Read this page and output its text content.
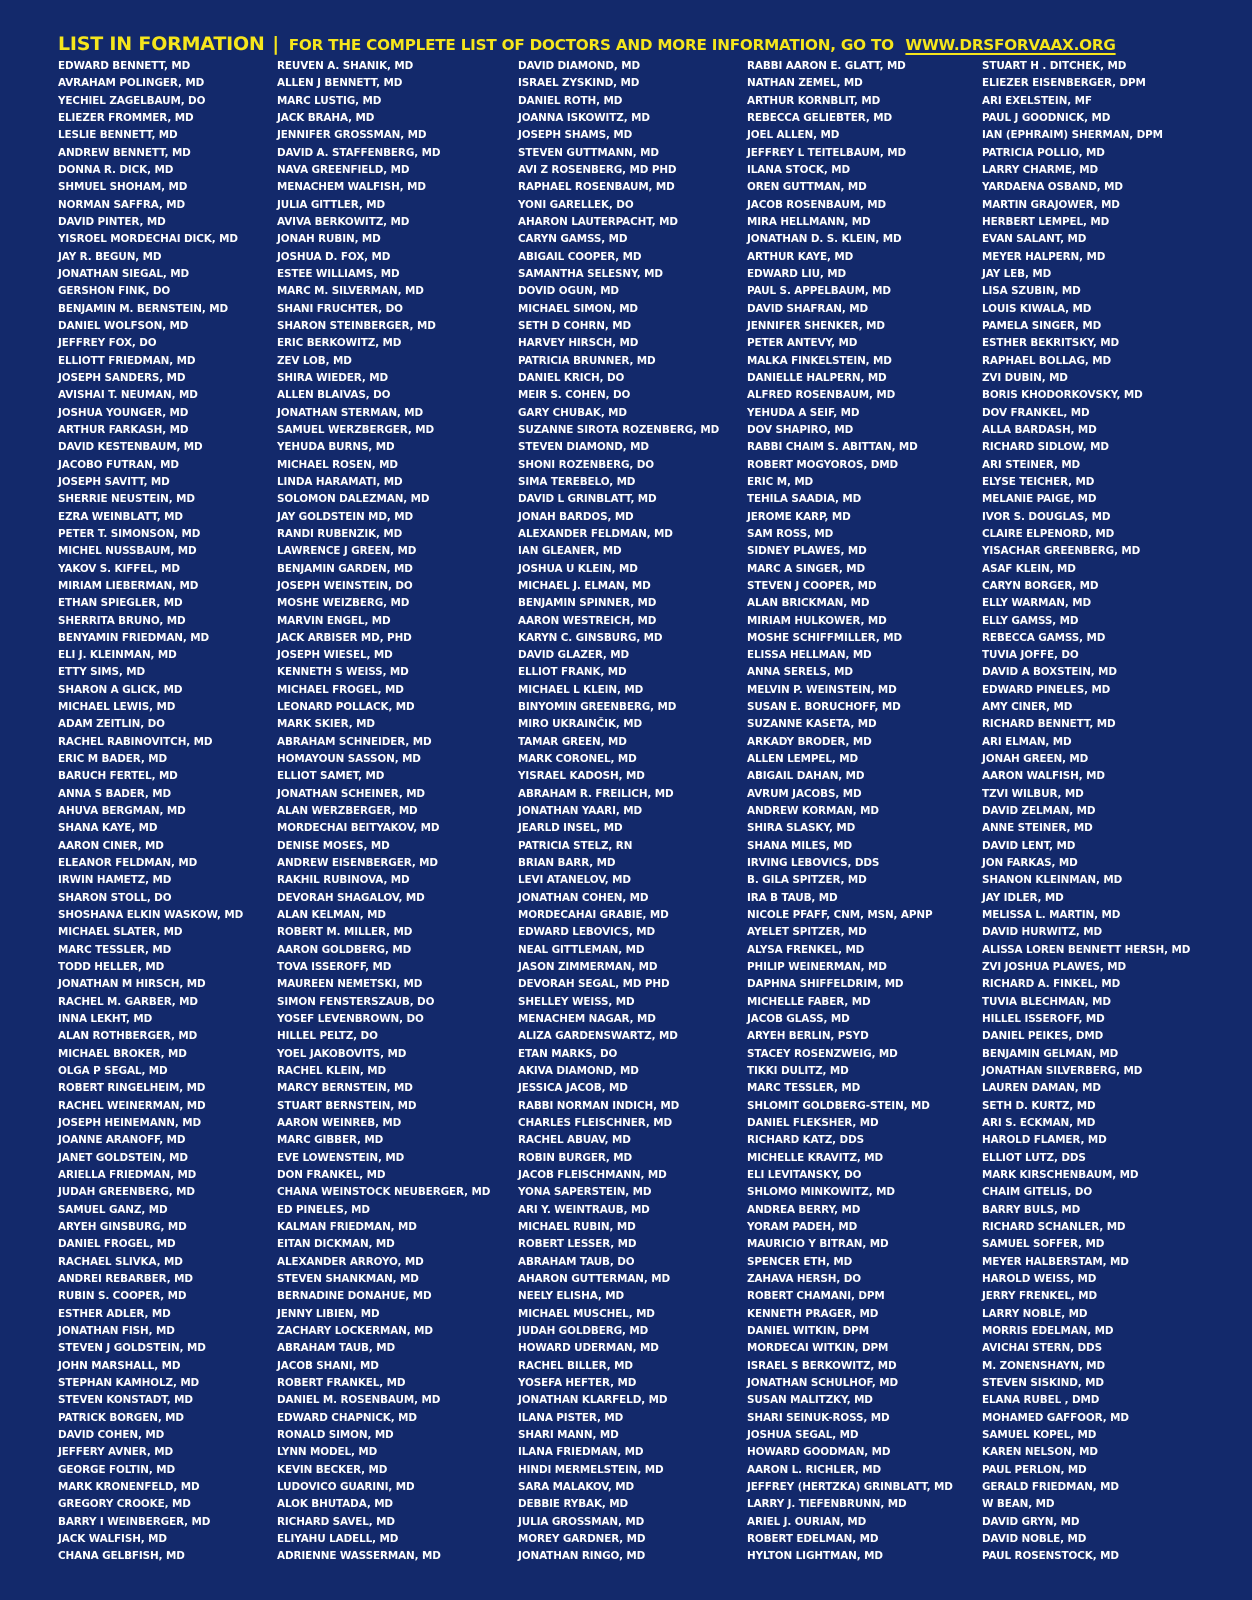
LIST IN FORMATION | FOR THE COMPLETE LIST OF DOCTORS AND MORE INFORMATION, GO TO WWW.DRSFORVAAX.ORG
EDWARD BENNETT, MD
AVRAHAM POLINGER, MD
YECHIEL ZAGELBAUM, DO
ELIEZER FROMMER, MD
LESLIE BENNETT, MD
ANDREW BENNETT, MD
DONNA R. DICK, MD
SHMUEL SHOHAM, MD
NORMAN SAFFRA, MD
DAVID PINTER, MD
YISROEL MORDECHAI DICK, MD
JAY R. BEGUN, MD
JONATHAN SIEGAL, MD
GERSHON FINK, DO
BENJAMIN M. BERNSTEIN, MD
DANIEL WOLFSON, MD
JEFFREY FOX, DO
ELLIOTT FRIEDMAN, MD
JOSEPH SANDERS, MD
AVISHAI T. NEUMAN, MD
JOSHUA YOUNGER, MD
ARTHUR FARKASH, MD
DAVID KESTENBAUM, MD
JACOBO FUTRAN, MD
JOSEPH SAVITT, MD
SHERRIE NEUSTEIN, MD
EZRA WEINBLATT, MD
PETER T. SIMONSON, MD
MICHEL NUSSBAUM, MD
YAKOV S. KIFFEL, MD
MIRIAM LIEBERMAN, MD
ETHAN SPIEGLER, MD
SHERRITA BRUNO, MD
BENYAMIN FRIEDMAN, MD
ELI J. KLEINMAN, MD
ETTY SIMS, MD
SHARON A GLICK, MD
MICHAEL LEWIS, MD
ADAM ZEITLIN, DO
RACHEL RABINOVITCH, MD
ERIC M BADER, MD
BARUCH FERTEL, MD
ANNA S BADER, MD
AHUVA BERGMAN, MD
SHANA KAYE, MD
AARON CINER, MD
ELEANOR FELDMAN, MD
IRWIN HAMETZ, MD
SHARON STOLL, DO
SHOSHANA ELKIN WASKOW, MD
MICHAEL SLATER, MD
MARC TESSLER, MD
TODD HELLER, MD
JONATHAN M HIRSCH, MD
RACHEL M. GARBER, MD
INNA LEKHT, MD
ALAN ROTHBERGER, MD
MICHAEL BROKER, MD
OLGA P SEGAL, MD
ROBERT RINGELHEIM, MD
RACHEL WEINERMAN, MD
JOSEPH HEINEMANN, MD
JOANNE ARANOFF, MD
JANET GOLDSTEIN, MD
ARIELLA FRIEDMAN, MD
JUDAH GREENBERG, MD
SAMUEL GANZ, MD
ARYEH GINSBURG, MD
DANIEL FROGEL, MD
RACHAEL SLIVKA, MD
ANDREI REBARBER, MD
RUBIN S. COOPER, MD
ESTHER ADLER, MD
JONATHAN FISH, MD
STEVEN J GOLDSTEIN, MD
JOHN MARSHALL, MD
STEPHAN KAMHOLZ, MD
STEVEN KONSTADT, MD
PATRICK BORGEN, MD
DAVID COHEN, MD
JEFFERY AVNER, MD
GEORGE FOLTIN, MD
MARK KRONENFELD, MD
GREGORY CROOKE, MD
BARRY I WEINBERGER, MD
JACK WALFISH, MD
CHANA GELBFISH, MD
REUVEN A. SHANIK, MD
ALLEN J BENNETT, MD
MARC LUSTIG, MD
JACK BRAHA, MD
JENNIFER GROSSMAN, MD
DAVID A. STAFFENBERG, MD
NAVA GREENFIELD, MD
MENACHEM WALFISH, MD
JULIA GITTLER, MD
AVIVA BERKOWITZ, MD
JONAH RUBIN, MD
JOSHUA D. FOX, MD
ESTEE WILLIAMS, MD
MARC M. SILVERMAN, MD
SHANI FRUCHTER, DO
SHARON STEINBERGER, MD
ERIC BERKOWITZ, MD
ZEV LOB, MD
SHIRA WIEDER, MD
ALLEN BLAIVAS, DO
JONATHAN STERMAN, MD
SAMUEL WERZBERGER, MD
YEHUDA BURNS, MD
MICHAEL ROSEN, MD
LINDA HARAMATI, MD
SOLOMON DALEZMAN, MD
JAY GOLDSTEIN MD, MD
RANDI RUBENZIK, MD
LAWRENCE J GREEN, MD
BENJAMIN GARDEN, MD
JOSEPH WEINSTEIN, DO
MOSHE WEIZBERG, MD
MARVIN ENGEL, MD
JACK ARBISER MD, PHD
JOSEPH WIESEL, MD
KENNETH S WEISS, MD
MICHAEL FROGEL, MD
LEONARD POLLACK, MD
MARK SKIER, MD
ABRAHAM SCHNEIDER, MD
HOMAYOUN SASSON, MD
ELLIOT SAMET, MD
JONATHAN SCHEINER, MD
ALAN WERZBERGER, MD
MORDECHAI BEITYAKOV, MD
DENISE MOSES, MD
ANDREW EISENBERGER, MD
RAKHIL RUBINOVA, MD
DEVORAH SHAGALOV, MD
ALAN KELMAN, MD
ROBERT M. MILLER, MD
AARON GOLDBERG, MD
TOVA ISSEROFF, MD
MAUREEN NEMETSKI, MD
SIMON FENSTERSZAUB, DO
YOSEF LEVENBROWN, DO
HILLEL PELTZ, DO
YOEL JAKOBOVITS, MD
RACHEL KLEIN, MD
MARCY BERNSTEIN, MD
STUART BERNSTEIN, MD
AARON WEINREB, MD
MARC GIBBER, MD
EVE LOWENSTEIN, MD
DON FRANKEL, MD
CHANA WEINSTOCK NEUBERGER, MD
ED PINELES, MD
KALMAN FRIEDMAN, MD
EITAN DICKMAN, MD
ALEXANDER ARROYO, MD
STEVEN SHANKMAN, MD
BERNADINE DONAHUE, MD
JENNY LIBIEN, MD
ZACHARY LOCKERMAN, MD
ABRAHAM TAUB, MD
JACOB SHANI, MD
ROBERT FRANKEL, MD
DANIEL M. ROSENBAUM, MD
EDWARD CHAPNICK, MD
RONALD SIMON, MD
LYNN MODEL, MD
KEVIN BECKER, MD
LUDOVICO GUARINI, MD
ALOK BHUTADA, MD
RICHARD SAVEL, MD
ELIYAHU LADELL, MD
ADRIENNE WASSERMAN, MD
DAVID DIAMOND, MD
ISRAEL ZYSKIND, MD
DANIEL ROTH, MD
JOANNA ISKOWITZ, MD
JOSEPH SHAMS, MD
STEVEN GUTTMANN, MD
AVI Z ROSENBERG, MD PHD
RAPHAEL ROSENBAUM, MD
YONI GARELLEK, DO
AHARON LAUTERPACHT, MD
CARYN GAMSS, MD
ABIGAIL COOPER, MD
SAMANTHA SELESNY, MD
DOVID OGUN, MD
MICHAEL SIMON, MD
SETH D COHRN, MD
HARVEY HIRSCH, MD
PATRICIA BRUNNER, MD
DANIEL KRICH, DO
MEIR S. COHEN, DO
GARY CHUBAK, MD
SUZANNE SIROTA ROZENBERG, MD
STEVEN DIAMOND, MD
SHONI ROZENBERG, DO
SIMA TEREBELO, MD
DAVID L GRINBLATT, MD
JONAH BARDOS, MD
ALEXANDER FELDMAN, MD
IAN GLEANER, MD
JOSHUA U KLEIN, MD
MICHAEL J. ELMAN, MD
BENJAMIN SPINNER, MD
AARON WESTREICH, MD
KARYN C. GINSBURG, MD
DAVID GLAZER, MD
ELLIOT FRANK, MD
MICHAEL L KLEIN, MD
BINYOMIN GREENBERG, MD
MIRO UKRAINČIK, MD
TAMAR GREEN, MD
MARK CORONEL, MD
YISRAEL KADOSH, MD
ABRAHAM R. FREILICH, MD
JONATHAN YAARI, MD
JEARLD INSEL, MD
PATRICIA STELZ, RN
BRIAN BARR, MD
LEVI ATANELOV, MD
JONATHAN COHEN, MD
MORDECAHAI GRABIE, MD
EDWARD LEBOVICS, MD
NEAL GITTLEMAN, MD
JASON ZIMMERMAN, MD
DEVORAH SEGAL, MD PHD
SHELLEY WEISS, MD
MENACHEM NAGAR, MD
ALIZA GARDENSWARTZ, MD
ETAN MARKS, DO
AKIVA DIAMOND, MD
JESSICA JACOB, MD
RABBI NORMAN INDICH, MD
CHARLES FLEISCHNER, MD
RACHEL ABUAV, MD
ROBIN BURGER, MD
JACOB FLEISCHMANN, MD
YONA SAPERSTEIN, MD
ARI Y. WEINTRAUB, MD
MICHAEL RUBIN, MD
ROBERT LESSER, MD
ABRAHAM TAUB, DO
AHARON GUTTERMAN, MD
NEELY ELISHA, MD
MICHAEL MUSCHEL, MD
JUDAH GOLDBERG, MD
HOWARD UDERMAN, MD
RACHEL BILLER, MD
YOSEFA HEFTER, MD
JONATHAN KLARFELD, MD
ILANA PISTER, MD
SHARI MANN, MD
ILANA FRIEDMAN, MD
HINDI MERMELSTEIN, MD
SARA MALAKOV, MD
DEBBIE RYBAK, MD
JULIA GROSSMAN, MD
MOREY GARDNER, MD
JONATHAN RINGO, MD
RABBI AARON E. GLATT, MD
NATHAN ZEMEL, MD
ARTHUR KORNBLIT, MD
REBECCA GELIEBTER, MD
JOEL ALLEN, MD
JEFFREY L TEITELBAUM, MD
ILANA STOCK, MD
OREN GUTTMAN, MD
JACOB ROSENBAUM, MD
MIRA HELLMANN, MD
JONATHAN D. S. KLEIN, MD
ARTHUR KAYE, MD
EDWARD LIU, MD
PAUL S. APPELBAUM, MD
DAVID SHAFRAN, MD
JENNIFER SHENKER, MD
PETER ANTEVY, MD
MALKA FINKELSTEIN, MD
DANIELLE HALPERN, MD
ALFRED ROSENBAUM, MD
YEHUDA A SEIF, MD
DOV SHAPIRO, MD
RABBI CHAIM S. ABITTAN, MD
ROBERT MOGYOROS, DMD
ERIC M, MD
TEHILA SAADIA, MD
JEROME KARP, MD
SAM ROSS, MD
SIDNEY PLAWES, MD
MARC A SINGER, MD
STEVEN J COOPER, MD
ALAN BRICKMAN, MD
MIRIAM HULKOWER, MD
MOSHE SCHIFFMILLER, MD
ELISSA HELLMAN, MD
ANNA SERELS, MD
MELVIN P. WEINSTEIN, MD
SUSAN E. BORUCHOFF, MD
SUZANNE KASETA, MD
ARKADY BRODER, MD
ALLEN LEMPEL, MD
ABIGAIL DAHAN, MD
AVRUM JACOBS, MD
ANDREW KORMAN, MD
SHIRA SLASKY, MD
SHANA MILES, MD
IRVING LEBOVICS, DDS
B. GILA SPITZER, MD
IRA B TAUB, MD
NICOLE PFAFF, CNM, MSN, APNP
AYELET SPITZER, MD
ALYSA FRENKEL, MD
PHILIP WEINERMAN, MD
DAPHNA SHIFFELDRIM, MD
MICHELLE FABER, MD
JACOB GLASS, MD
ARYEH BERLIN, PSYD
STACEY ROSENZWEIG, MD
TIKKI DULITZ, MD
MARC TESSLER, MD
SHLOMIT GOLDBERG-STEIN, MD
DANIEL FLEKSHER, MD
RICHARD KATZ, DDS
MICHELLE KRAVITZ, MD
ELI LEVITANSKY, DO
SHLOMO MINKOWITZ, MD
ANDREA BERRY, MD
YORAM PADEH, MD
MAURICIO Y BITRAN, MD
SPENCER ETH, MD
ZAHAVA HERSH, DO
ROBERT CHAMANI, DPM
KENNETH PRAGER, MD
DANIEL WITKIN, DPM
MORDECAI WITKIN, DPM
ISRAEL S BERKOWITZ, MD
JONATHAN SCHULHOF, MD
SUSAN MALITZKY, MD
SHARI SEINUK-ROSS, MD
JOSHUA SEGAL, MD
HOWARD GOODMAN, MD
AARON L. RICHLER, MD
JEFFREY (HERTZKA) GRINBLATT, MD
LARRY J. TIEFENBRUNN, MD
ARIEL J. OURIAN, MD
ROBERT EDELMAN, MD
HYLTON LIGHTMAN, MD
STUART H . DITCHEK, MD
ELIEZER EISENBERGER, DPM
ARI EXELSTEIN, MF
PAUL J GOODNICK, MD
IAN (EPHRAIM) SHERMAN, DPM
PATRICIA POLLIO, MD
LARRY CHARME, MD
YARDAENA OSBAND, MD
MARTIN GRAJOWER, MD
HERBERT LEMPEL, MD
EVAN SALANT, MD
MEYER HALPERN, MD
JAY LEB, MD
LISA SZUBIN, MD
LOUIS KIWALA, MD
PAMELA SINGER, MD
ESTHER BEKRITSKY, MD
RAPHAEL BOLLAG, MD
ZVI DUBIN, MD
BORIS KHODORKOVSKY, MD
DOV FRANKEL, MD
ALLA BARDASH, MD
RICHARD SIDLOW, MD
ARI STEINER, MD
ELYSE TEICHER, MD
MELANIE PAIGE, MD
IVOR S. DOUGLAS, MD
CLAIRE ELPENORD, MD
YISACHAR GREENBERG, MD
ASAF KLEIN, MD
CARYN BORGER, MD
ELLY WARMAN, MD
ELLY GAMSS, MD
REBECCA GAMSS, MD
TUVIA JOFFE, DO
DAVID A BOXSTEIN, MD
EDWARD PINELES, MD
AMY CINER, MD
RICHARD BENNETT, MD
ARI ELMAN, MD
JONAH GREEN, MD
AARON WALFISH, MD
TZVI WILBUR, MD
DAVID ZELMAN, MD
ANNE STEINER, MD
DAVID LENT, MD
JON FARKAS, MD
SHANON KLEINMAN, MD
JAY IDLER, MD
MELISSA L. MARTIN, MD
DAVID HURWITZ, MD
ALISSA LOREN BENNETT HERSH, MD
ZVI JOSHUA PLAWES, MD
RICHARD A. FINKEL, MD
TUVIA BLECHMAN, MD
HILLEL ISSEROFF, MD
DANIEL PEIKES, DMD
BENJAMIN GELMAN, MD
JONATHAN SILVERBERG, MD
LAUREN DAMAN, MD
SETH D. KURTZ, MD
ARI S. ECKMAN, MD
HAROLD FLAMER, MD
ELLIOT LUTZ, DDS
MARK KIRSCHENBAUM, MD
CHAIM GITELIS, DO
BARRY BULS, MD
RICHARD SCHANLER, MD
SAMUEL SOFFER, MD
MEYER HALBERSTAM, MD
HAROLD WEISS, MD
JERRY FRENKEL, MD
LARRY NOBLE, MD
MORRIS EDELMAN, MD
AVICHAI STERN, DDS
M. ZONENSHAYN, MD
STEVEN SISKIND, MD
ELANA RUBEL , DMD
MOHAMED GAFFOOR, MD
SAMUEL KOPEL, MD
KAREN NELSON, MD
PAUL PERLON, MD
GERALD FRIEDMAN, MD
W BEAN, MD
DAVID GRYN, MD
DAVID NOBLE, MD
PAUL ROSENSTOCK, MD
